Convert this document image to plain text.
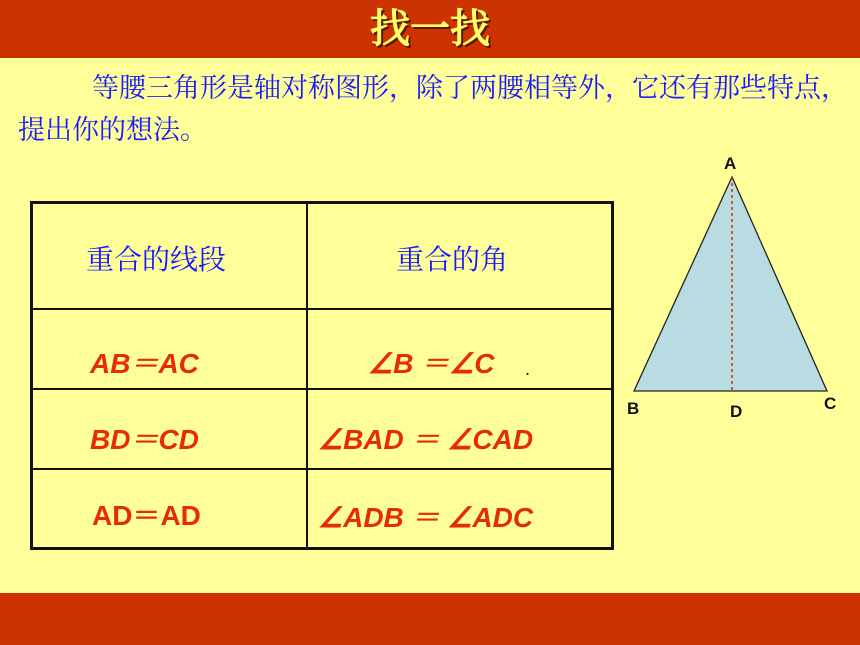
找一找
等腰三角形是轴对称图形，除了两腰相等外，它还有那些特点，提出你的想法。
重合的线段	重合的角
AB＝AC	∠B ＝∠C .
BD＝CD	∠BAD ＝ ∠CAD
AD＝AD	∠ADB ＝ ∠ADC
A
B	C
D
